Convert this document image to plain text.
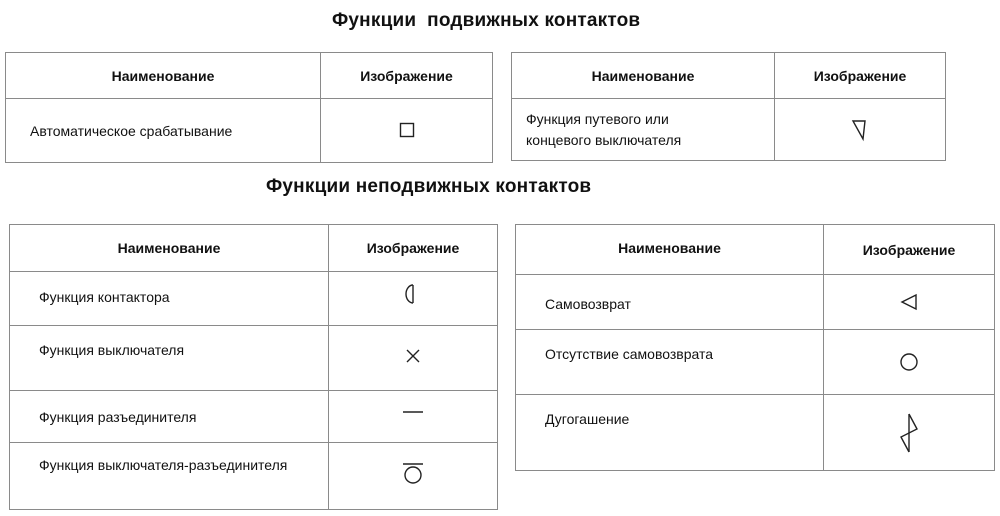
Функции  подвижных контактов
Наименование	Изображение
Автоматическое срабатывание	
Наименование	Изображение

Функция путевого или
концевого выключателя

Функции неподвижных контактов
Наименование	Изображение
Функция контактора	
Функция выключателя	
Функция разъединителя	
Функция выключателя-разъединителя	
Наименование	Изображение
Самовозврат	
Отсутствие самовозврата	
Дугогашение	
